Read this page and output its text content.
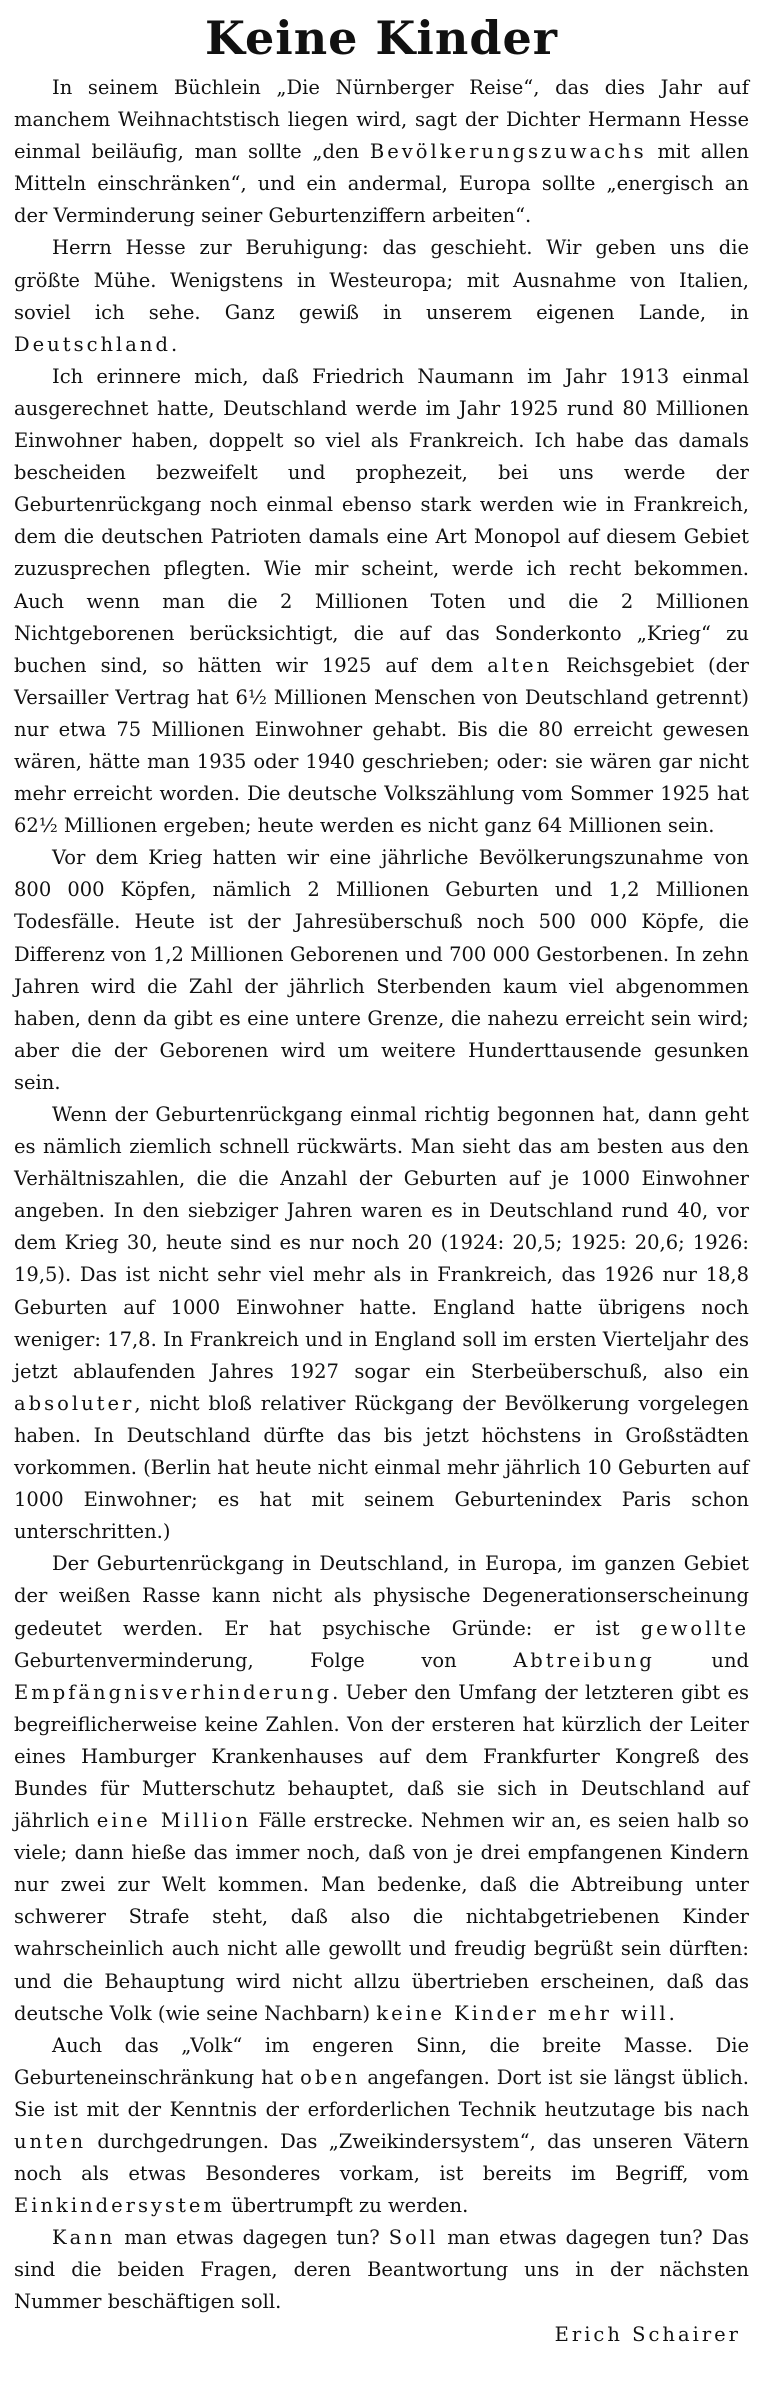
Keine Kinder

In seinem Büchlein „Die Nürnberger Reise“, das dies Jahr auf manchem Weihnachtstisch liegen wird, sagt der Dichter Hermann Hesse einmal beiläufig, man sollte „den Bevölkerungszuwachs mit allen Mitteln einschränken“, und ein andermal, Europa sollte „energisch an der Verminderung seiner Geburtenziffern arbeiten“.

Herrn Hesse zur Beruhigung: das geschieht. Wir geben uns die größte Mühe. Wenigstens in Westeuropa; mit Ausnahme von Italien, soviel ich sehe. Ganz gewiß in unserem eigenen Lande, in Deutschland.

Ich erinnere mich, daß Friedrich Naumann im Jahr 1913 einmal ausgerechnet hatte, Deutschland werde im Jahr 1925 rund 80 Millionen Einwohner haben, doppelt so viel als Frankreich. Ich habe das damals bescheiden bezweifelt und prophezeit, bei uns werde der Geburtenrückgang noch einmal ebenso stark werden wie in Frankreich, dem die deutschen Patrioten damals eine Art Monopol auf diesem Gebiet zuzusprechen pflegten. Wie mir scheint, werde ich recht bekommen. Auch wenn man die 2 Millionen Toten und die 2 Millionen Nichtgeborenen berücksichtigt, die auf das Sonderkonto „Krieg“ zu buchen sind, so hätten wir 1925 auf dem alten Reichsgebiet (der Versailler Vertrag hat 6½ Millionen Menschen von Deutschland getrennt) nur etwa 75 Millionen Einwohner gehabt. Bis die 80 erreicht gewesen wären, hätte man 1935 oder 1940 geschrieben; oder: sie wären gar nicht mehr erreicht worden. Die deutsche Volkszählung vom Sommer 1925 hat 62½ Millionen ergeben; heute werden es nicht ganz 64 Millionen sein.

Vor dem Krieg hatten wir eine jährliche Bevölkerungszunahme von 800 000 Köpfen, nämlich 2 Millionen Geburten und 1,2 Millionen Todesfälle. Heute ist der Jahresüberschuß noch 500 000 Köpfe, die Differenz von 1,2 Millionen Geborenen und 700 000 Gestorbenen. In zehn Jahren wird die Zahl der jährlich Sterbenden kaum viel abgenommen haben, denn da gibt es eine untere Grenze, die nahezu erreicht sein wird; aber die der Geborenen wird um weitere Hunderttausende gesunken sein.

Wenn der Geburtenrückgang einmal richtig begonnen hat, dann geht es nämlich ziemlich schnell rückwärts. Man sieht das am besten aus den Verhältniszahlen, die die Anzahl der Geburten auf je 1000 Einwohner angeben. In den siebziger Jahren waren es in Deutschland rund 40, vor dem Krieg 30, heute sind es nur noch 20 (1924: 20,5; 1925: 20,6; 1926: 19,5). Das ist nicht sehr viel mehr als in Frankreich, das 1926 nur 18,8 Geburten auf 1000 Einwohner hatte. England hatte übrigens noch weniger: 17,8. In Frankreich und in England soll im ersten Vierteljahr des jetzt ablaufenden Jahres 1927 sogar ein Sterbeüberschuß, also ein absoluter, nicht bloß relativer Rückgang der Bevölkerung vorgelegen haben. In Deutschland dürfte das bis jetzt höchstens in Großstädten vorkommen. (Berlin hat heute nicht einmal mehr jährlich 10 Geburten auf 1000 Einwohner; es hat mit seinem Geburtenindex Paris schon unterschritten.)

Der Geburtenrückgang in Deutschland, in Europa, im ganzen Gebiet der weißen Rasse kann nicht als physische Degenerationserscheinung gedeutet werden. Er hat psychische Gründe: er ist gewollte Geburtenverminderung, Folge von Abtreibung und Empfängnisverhinderung. Ueber den Umfang der letzteren gibt es begreiflicherweise keine Zahlen. Von der ersteren hat kürzlich der Leiter eines Hamburger Krankenhauses auf dem Frankfurter Kongreß des Bundes für Mutterschutz behauptet, daß sie sich in Deutschland auf jährlich eine Million Fälle erstrecke. Nehmen wir an, es seien halb so viele; dann hieße das immer noch, daß von je drei empfangenen Kindern nur zwei zur Welt kommen. Man bedenke, daß die Abtreibung unter schwerer Strafe steht, daß also die nichtabgetriebenen Kinder wahrscheinlich auch nicht alle gewollt und freudig begrüßt sein dürften: und die Behauptung wird nicht allzu übertrieben erscheinen, daß das deutsche Volk (wie seine Nachbarn) keine Kinder mehr will.

Auch das „Volk“ im engeren Sinn, die breite Masse. Die Geburteneinschränkung hat oben angefangen. Dort ist sie längst üblich. Sie ist mit der Kenntnis der erforderlichen Technik heutzutage bis nach unten durchgedrungen. Das „Zweikindersystem“, das unseren Vätern noch als etwas Besonderes vorkam, ist bereits im Begriff, vom Einkindersystem übertrumpft zu werden.

Kann man etwas dagegen tun? Soll man etwas dagegen tun? Das sind die beiden Fragen, deren Beantwortung uns in der nächsten Nummer beschäftigen soll.

Erich Schairer
